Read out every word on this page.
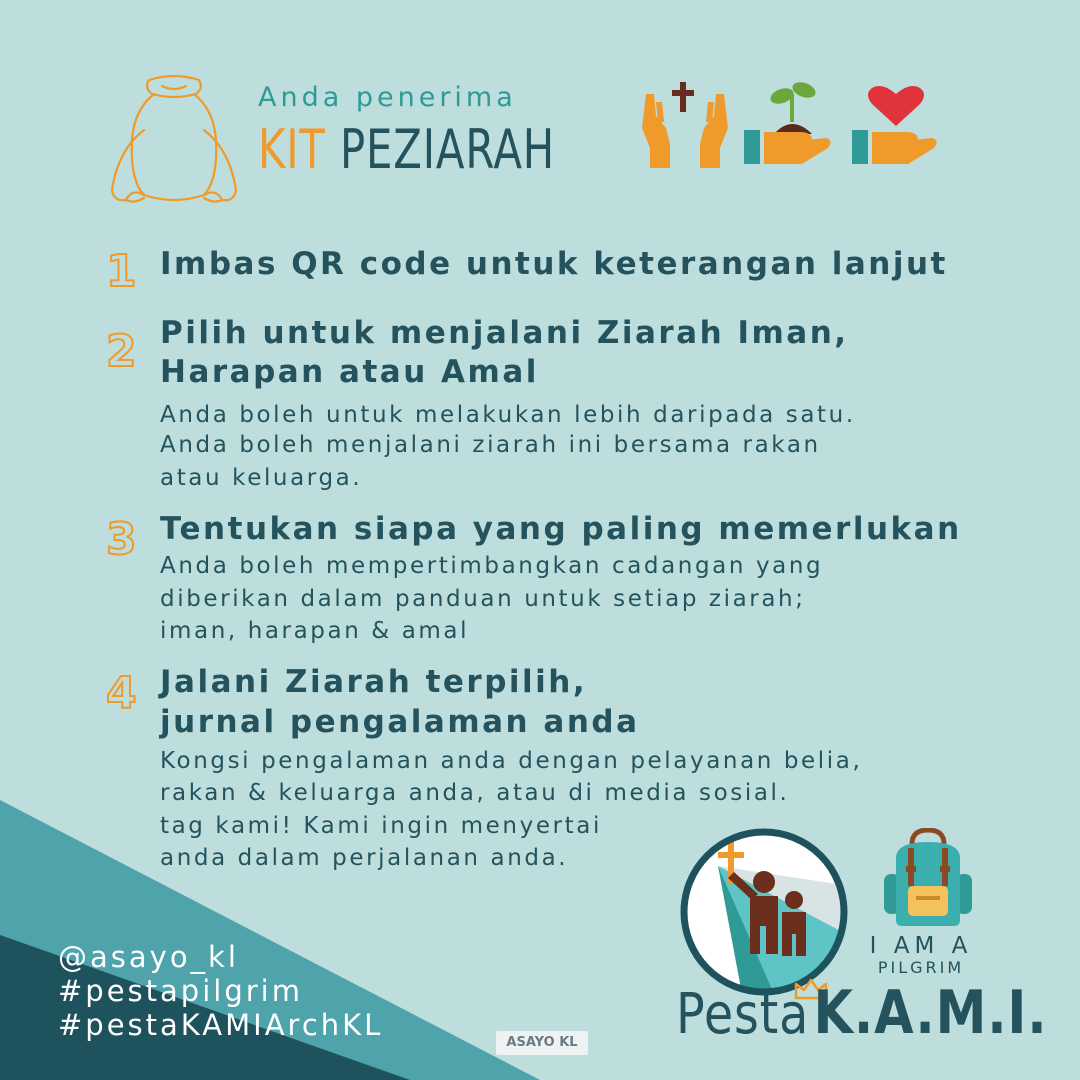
Anda penerima
KIT PEZIARAH
1 Imbas QR code untuk keterangan lanjut
2 Pilih untuk menjalani Ziarah Iman,
Harapan atau Amal
Anda boleh untuk melakukan lebih daripada satu.
Anda boleh menjalani ziarah ini bersama rakan
atau keluarga.
3 Tentukan siapa yang paling memerlukan
Anda boleh mempertimbangkan cadangan yang
diberikan dalam panduan untuk setiap ziarah;
iman, harapan & amal
4 Jalani Ziarah terpilih,
jurnal pengalaman anda
Kongsi pengalaman anda dengan pelayanan belia,
rakan & keluarga anda, atau di media sosial.
tag kami! Kami ingin menyertai
anda dalam perjalanan anda.
@asayo_kl
#pestapilgrim
#pestaKAMIArchKL
ASAYO KL
I AM A
PILGRIM
Pesta K.A.M.I.
